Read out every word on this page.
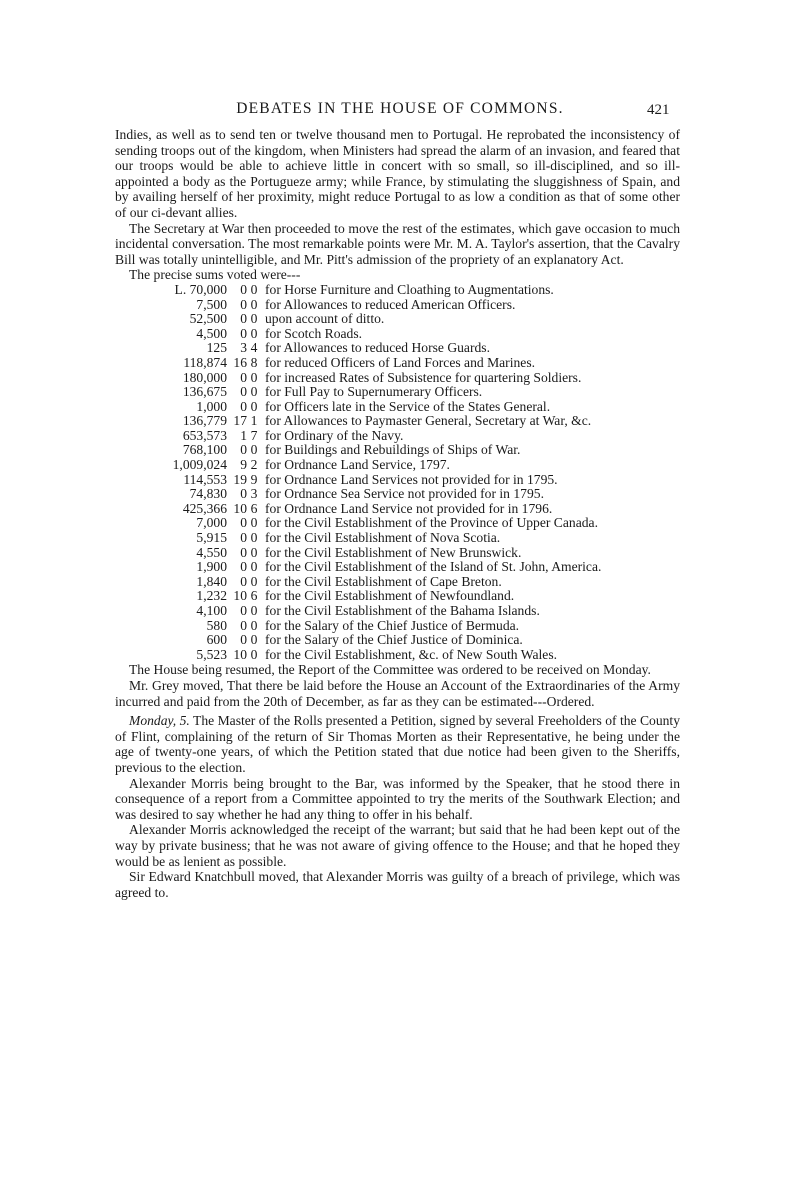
DEBATES IN THE HOUSE OF COMMONS.	421

Indies, as well as to send ten or twelve thousand men to Portugal. He reprobated the inconsistency of sending troops out of the kingdom, when Ministers had spread the alarm of an invasion, and feared that our troops would be able to achieve little in concert with so small, so ill-disciplined, and so ill-appointed a body as the Portugueze army; while France, by stimulating the sluggishness of Spain, and by availing herself of her proximity, might reduce Portugal to as low a condition as that of some other of our ci-devant allies.

The Secretary at War then proceeded to move the rest of the estimates, which gave occasion to much incidental conversation. The most remarkable points were Mr. M. A. Taylor's assertion, that the Cavalry Bill was totally unintelligible, and Mr. Pitt's admission of the propriety of an explanatory Act.

The precise sums voted were---

L. 70,000	0	0	for Horse Furniture and Cloathing to Augmentations.
7,500	0	0	for Allowances to reduced American Officers.
52,500	0	0	upon account of ditto.
4,500	0	0	for Scotch Roads.
125	3	4	for Allowances to reduced Horse Guards.
118,874	16	8	for reduced Officers of Land Forces and Marines.
180,000	0	0	for increased Rates of Subsistence for quartering Soldiers.
136,675	0	0	for Full Pay to Supernumerary Officers.
1,000	0	0	for Officers late in the Service of the States General.
136,779	17	1	for Allowances to Paymaster General, Secretary at War, &c.
653,573	1	7	for Ordinary of the Navy.
768,100	0	0	for Buildings and Rebuildings of Ships of War.
1,009,024	9	2	for Ordnance Land Service, 1797.
114,553	19	9	for Ordnance Land Services not provided for in 1795.
74,830	0	3	for Ordnance Sea Service not provided for in 1795.
425,366	10	6	for Ordnance Land Service not provided for in 1796.
7,000	0	0	for the Civil Establishment of the Province of Upper Canada.
5,915	0	0	for the Civil Establishment of Nova Scotia.
4,550	0	0	for the Civil Establishment of New Brunswick.
1,900	0	0	for the Civil Establishment of the Island of St. John, America.
1,840	0	0	for the Civil Establishment of Cape Breton.
1,232	10	6	for the Civil Establishment of Newfoundland.
4,100	0	0	for the Civil Establishment of the Bahama Islands.
580	0	0	for the Salary of the Chief Justice of Bermuda.
600	0	0	for the Salary of the Chief Justice of Dominica.
5,523	10	0	for the Civil Establishment, &c. of New South Wales.

The House being resumed, the Report of the Committee was ordered to be received on Monday.

Mr. Grey moved, That there be laid before the House an Account of the Extraordinaries of the Army incurred and paid from the 20th of December, as far as they can be estimated---Ordered.

Monday, 5. The Master of the Rolls presented a Petition, signed by several Freeholders of the County of Flint, complaining of the return of Sir Thomas Morten as their Representative, he being under the age of twenty-one years, of which the Petition stated that due notice had been given to the Sheriffs, previous to the election.

Alexander Morris being brought to the Bar, was informed by the Speaker, that he stood there in consequence of a report from a Committee appointed to try the merits of the Southwark Election; and was desired to say whether he had any thing to offer in his behalf.

Alexander Morris acknowledged the receipt of the warrant; but said that he had been kept out of the way by private business; that he was not aware of giving offence to the House; and that he hoped they would be as lenient as possible.

Sir Edward Knatchbull moved, that Alexander Morris was guilty of a breach of privilege, which was agreed to.
